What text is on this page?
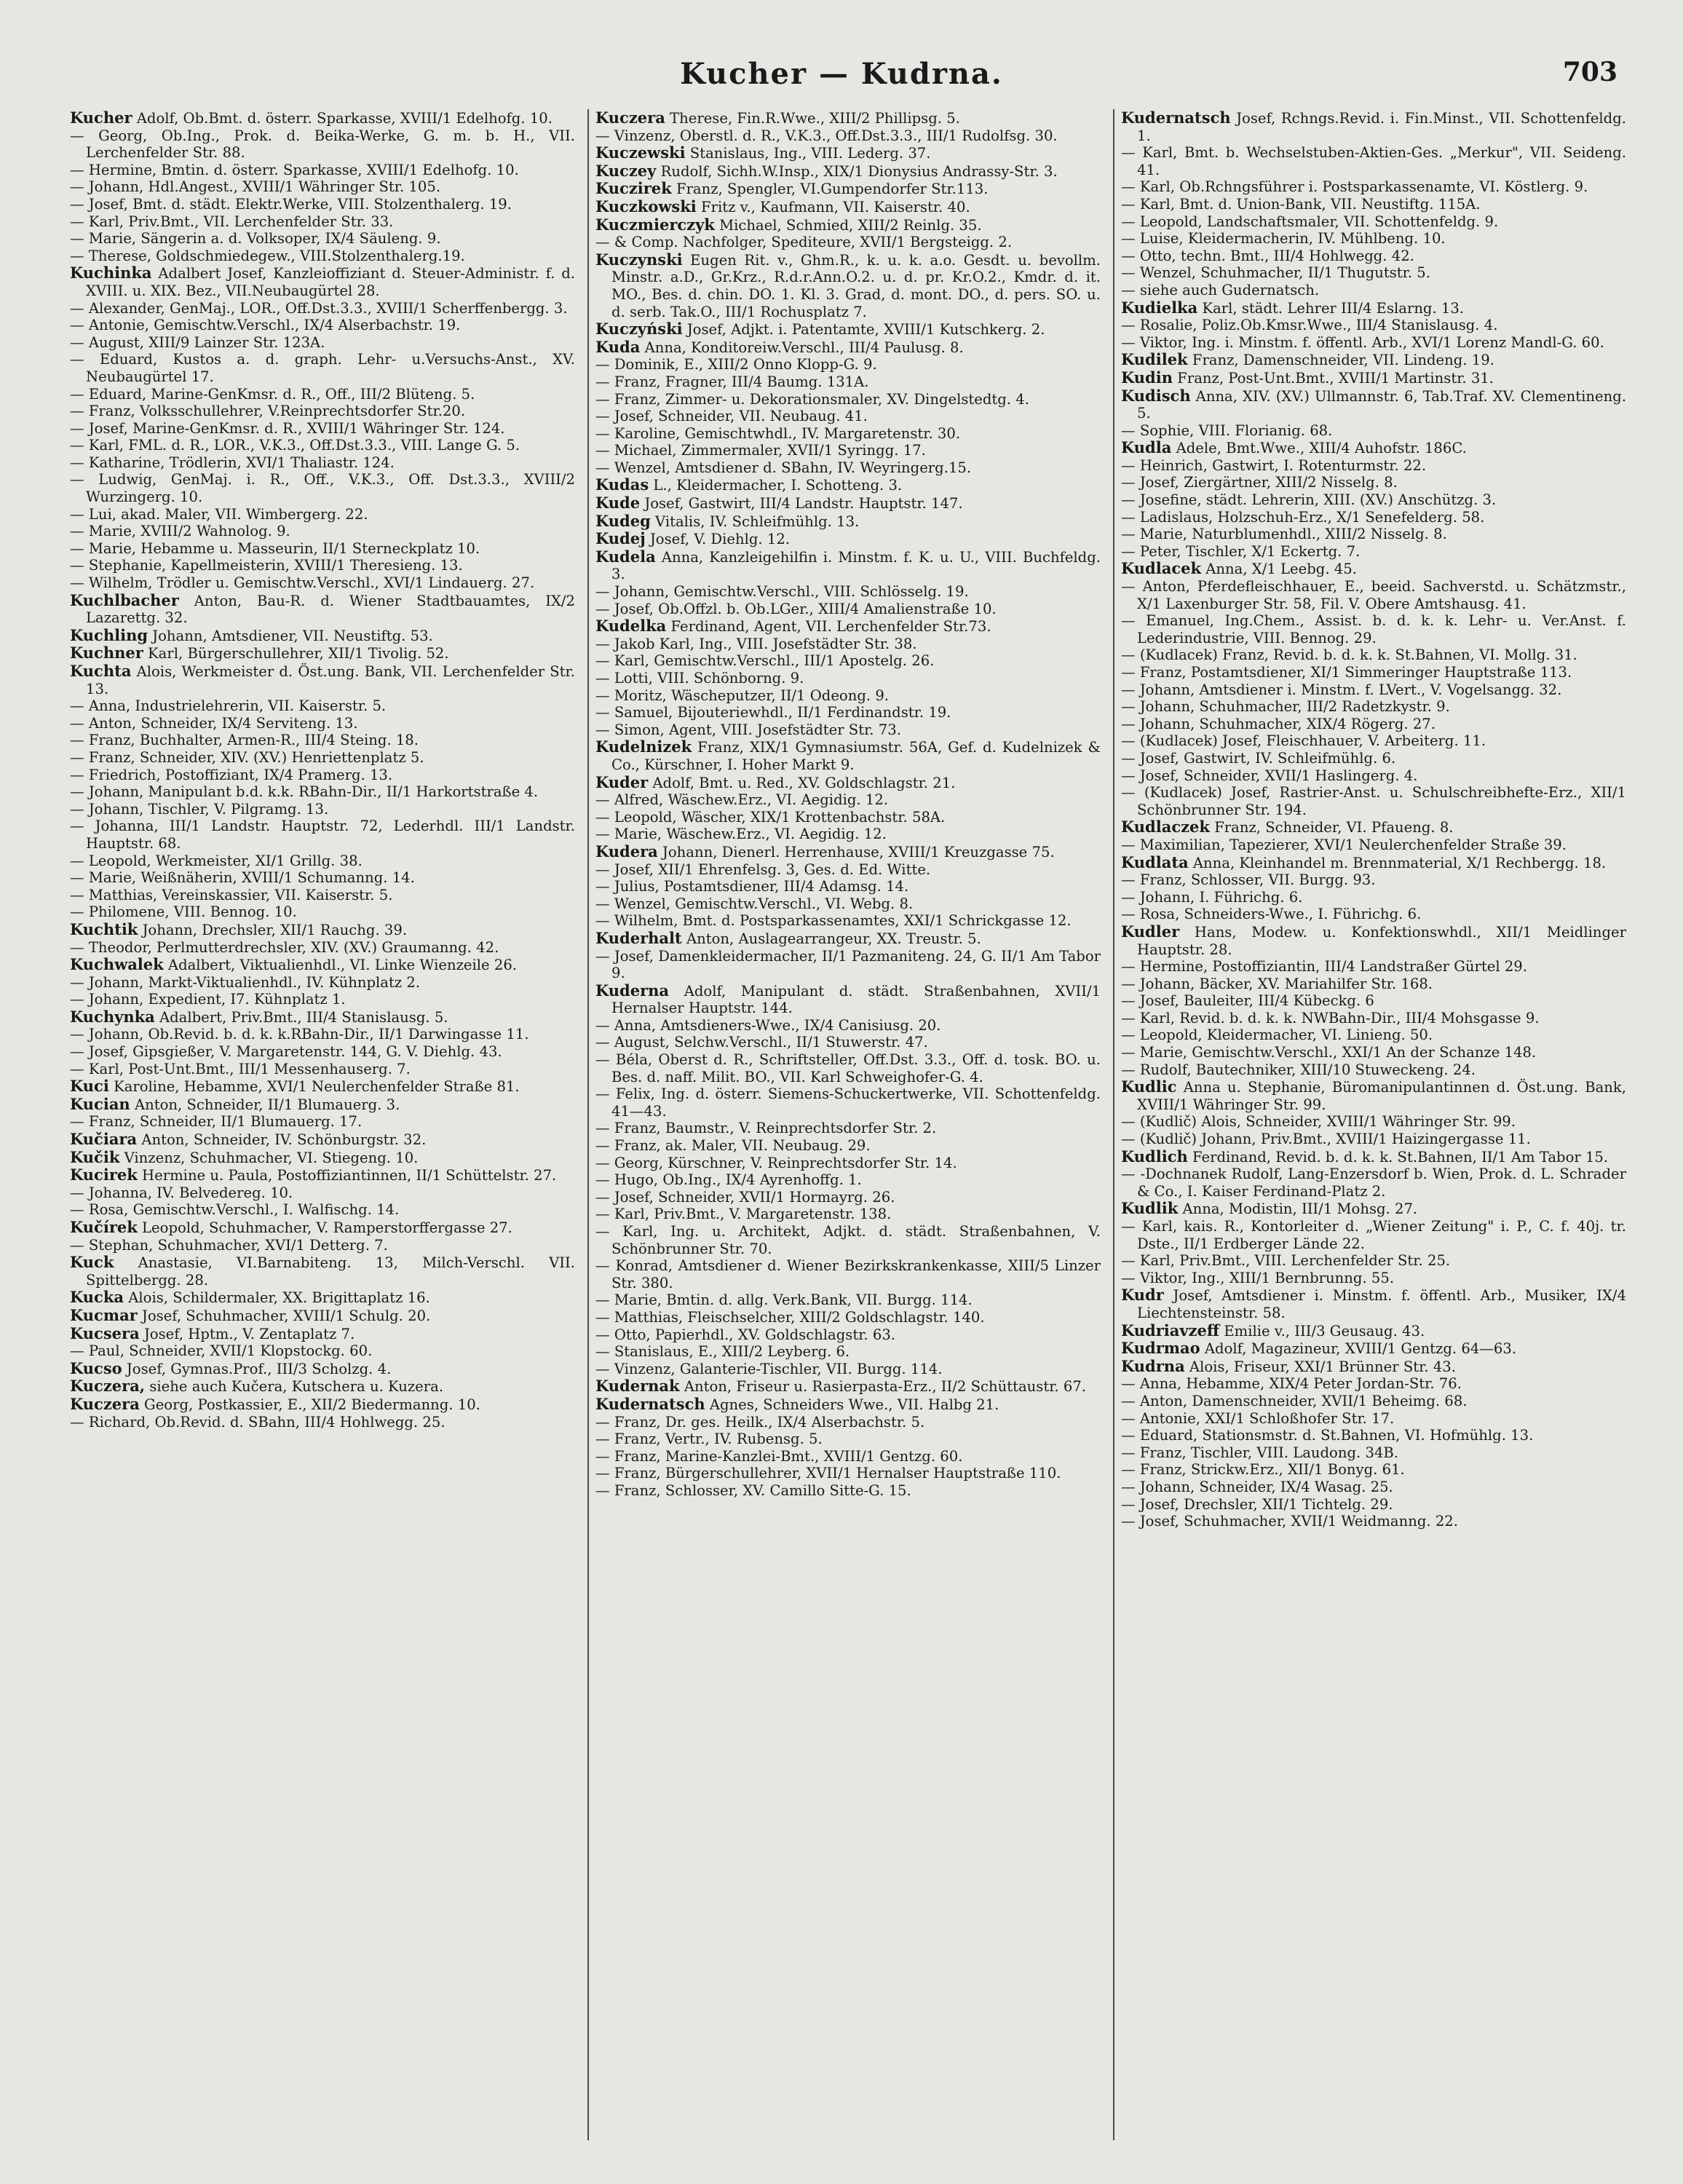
Kucher — Kudrna.	703

Kucher Adolf, Ob.Bmt. d. österr. Sparkasse, XVIII/1 Edelhofg. 10.

— Georg, Ob.Ing., Prok. d. Beika-Werke, G. m. b. H., VII. Lerchenfelder Str. 88.

— Hermine, Bmtin. d. österr. Sparkasse, XVIII/1 Edelhofg. 10.

— Johann, Hdl.Angest., XVIII/1 Währinger Str. 105.

— Josef, Bmt. d. städt. Elektr.Werke, VIII. Stolzenthalerg. 19.

— Karl, Priv.Bmt., VII. Lerchenfelder Str. 33.

— Marie, Sängerin a. d. Volksoper, IX/4 Säuleng. 9.

— Therese, Goldschmiedegew., VIII.Stolzenthalerg.19.

Kuchinka Adalbert Josef, Kanzleioffiziant d. Steuer-Administr. f. d. XVIII. u. XIX. Bez., VII.Neubaugürtel 28.

— Alexander, GenMaj., LOR., Off.Dst.3.3., XVIII/1 Scherffenbergg. 3.

— Antonie, Gemischtw.Verschl., IX/4 Alserbachstr. 19.

— August, XIII/9 Lainzer Str. 123A.

— Eduard, Kustos a. d. graph. Lehr- u.Versuchs-Anst., XV. Neubaugürtel 17.

— Eduard, Marine-GenKmsr. d. R., Off., III/2 Blüteng. 5.

— Franz, Volksschullehrer, V.Reinprechtsdorfer Str.20.

— Josef, Marine-GenKmsr. d. R., XVIII/1 Währinger Str. 124.

— Karl, FML. d. R., LOR., V.K.3., Off.Dst.3.3., VIII. Lange G. 5.

— Katharine, Trödlerin, XVI/1 Thaliastr. 124.

— Ludwig, GenMaj. i. R., Off., V.K.3., Off. Dst.3.3., XVIII/2 Wurzingerg. 10.

— Lui, akad. Maler, VII. Wimbergerg. 22.

— Marie, XVIII/2 Wahnolog. 9.

— Marie, Hebamme u. Masseurin, II/1 Sterneckplatz 10.

— Stephanie, Kapellmeisterin, XVIII/1 Theresieng. 13.

— Wilhelm, Trödler u. Gemischtw.Verschl., XVI/1 Lindauerg. 27.

Kuchlbacher Anton, Bau-R. d. Wiener Stadtbauamtes, IX/2 Lazarettg. 32.

Kuchling Johann, Amtsdiener, VII. Neustiftg. 53.

Kuchner Karl, Bürgerschullehrer, XII/1 Tivolig. 52.

Kuchta Alois, Werkmeister d. Öst.ung. Bank, VII. Lerchenfelder Str. 13.

— Anna, Industrielehrerin, VII. Kaiserstr. 5.

— Anton, Schneider, IX/4 Serviteng. 13.

— Franz, Buchhalter, Armen-R., III/4 Steing. 18.

— Franz, Schneider, XIV. (XV.) Henriettenplatz 5.

— Friedrich, Postoffiziant, IX/4 Pramerg. 13.

— Johann, Manipulant b.d. k.k. RBahn-Dir., II/1 Harkortstraße 4.

— Johann, Tischler, V. Pilgramg. 13.

— Johanna, III/1 Landstr. Hauptstr. 72, Lederhdl. III/1 Landstr. Hauptstr. 68.

— Leopold, Werkmeister, XI/1 Grillg. 38.

— Marie, Weißnäherin, XVIII/1 Schumanng. 14.

— Matthias, Vereinskassier, VII. Kaiserstr. 5.

— Philomene, VIII. Bennog. 10.

Kuchtik Johann, Drechsler, XII/1 Rauchg. 39.

— Theodor, Perlmutterdrechsler, XIV. (XV.) Graumanng. 42.

Kuchwalek Adalbert, Viktualienhdl., VI. Linke Wienzeile 26.

— Johann, Markt-Viktualienhdl., IV. Kühnplatz 2.

— Johann, Expedient, I7. Kühnplatz 1.

Kuchynka Adalbert, Priv.Bmt., III/4 Stanislausg. 5.

— Johann, Ob.Revid. b. d. k. k.RBahn-Dir., II/1 Darwingasse 11.

— Josef, Gipsgießer, V. Margaretenstr. 144, G. V. Diehlg. 43.

— Karl, Post-Unt.Bmt., III/1 Messenhauserg. 7.

Kuci Karoline, Hebamme, XVI/1 Neulerchenfelder Straße 81.

Kucian Anton, Schneider, II/1 Blumauerg. 3.

— Franz, Schneider, II/1 Blumauerg. 17.

Kučiara Anton, Schneider, IV. Schönburgstr. 32.

Kučik Vinzenz, Schuhmacher, VI. Stiegeng. 10.

Kucirek Hermine u. Paula, Postoffiziantinnen, II/1 Schüttelstr. 27.

— Johanna, IV. Belvedereg. 10.

— Rosa, Gemischtw.Verschl., I. Walfischg. 14.

Kučírek Leopold, Schuhmacher, V. Ramperstorffergasse 27.

— Stephan, Schuhmacher, XVI/1 Detterg. 7.

Kuck Anastasie, VI.Barnabiteng. 13, Milch-Verschl. VII. Spittelbergg. 28.

Kucka Alois, Schildermaler, XX. Brigittaplatz 16.

Kucmar Josef, Schuhmacher, XVIII/1 Schulg. 20.

Kucsera Josef, Hptm., V. Zentaplatz 7.

— Paul, Schneider, XVII/1 Klopstockg. 60.

Kucso Josef, Gymnas.Prof., III/3 Scholzg. 4.

Kuczera, siehe auch Kučera, Kutschera u. Kuzera.

Kuczera Georg, Postkassier, E., XII/2 Biedermanng. 10.

— Richard, Ob.Revid. d. SBahn, III/4 Hohlwegg. 25.

Kuczera Therese, Fin.R.Wwe., XIII/2 Phillipsg. 5.

— Vinzenz, Oberstl. d. R., V.K.3., Off.Dst.3.3., III/1 Rudolfsg. 30.

Kuczewski Stanislaus, Ing., VIII. Lederg. 37.

Kuczey Rudolf, Sichh.W.Insp., XIX/1 Dionysius Andrassy-Str. 3.

Kuczirek Franz, Spengler, VI.Gumpendorfer Str.113.

Kuczkowski Fritz v., Kaufmann, VII. Kaiserstr. 40.

Kuczmierczyk Michael, Schmied, XIII/2 Reinlg. 35.

— & Comp. Nachfolger, Spediteure, XVII/1 Bergsteigg. 2.

Kuczynski Eugen Rit. v., Ghm.R., k. u. k. a.o. Gesdt. u. bevollm. Minstr. a.D., Gr.Krz., R.d.r.Ann.O.2. u. d. pr. Kr.O.2., Kmdr. d. it. MO., Bes. d. chin. DO. 1. Kl. 3. Grad, d. mont. DO., d. pers. SO. u. d. serb. Tak.O., III/1 Rochusplatz 7.

Kuczyński Josef, Adjkt. i. Patentamte, XVIII/1 Kutschkerg. 2.

Kuda Anna, Konditoreiw.Verschl., III/4 Paulusg. 8.

— Dominik, E., XIII/2 Onno Klopp-G. 9.

— Franz, Fragner, III/4 Baumg. 131A.

— Franz, Zimmer- u. Dekorationsmaler, XV. Dingelstedtg. 4.

— Josef, Schneider, VII. Neubaug. 41.

— Karoline, Gemischtwhdl., IV. Margaretenstr. 30.

— Michael, Zimmermaler, XVII/1 Syringg. 17.

— Wenzel, Amtsdiener d. SBahn, IV. Weyringerg.15.

Kudas L., Kleidermacher, I. Schotteng. 3.

Kude Josef, Gastwirt, III/4 Landstr. Hauptstr. 147.

Kudeg Vitalis, IV. Schleifmühlg. 13.

Kudej Josef, V. Diehlg. 12.

Kudela Anna, Kanzleigehilfin i. Minstm. f. K. u. U., VIII. Buchfeldg. 3.

— Johann, Gemischtw.Verschl., VIII. Schlösselg. 19.

— Josef, Ob.Offzl. b. Ob.LGer., XIII/4 Amalienstraße 10.

Kudelka Ferdinand, Agent, VII. Lerchenfelder Str.73.

— Jakob Karl, Ing., VIII. Josefstädter Str. 38.

— Karl, Gemischtw.Verschl., III/1 Apostelg. 26.

— Lotti, VIII. Schönborng. 9.

— Moritz, Wäscheputzer, II/1 Odeong. 9.

— Samuel, Bijouteriewhdl., II/1 Ferdinandstr. 19.

— Simon, Agent, VIII. Josefstädter Str. 73.

Kudelnizek Franz, XIX/1 Gymnasiumstr. 56A, Gef. d. Kudelnizek & Co., Kürschner, I. Hoher Markt 9.

Kuder Adolf, Bmt. u. Red., XV. Goldschlagstr. 21.

— Alfred, Wäschew.Erz., VI. Aegidig. 12.

— Leopold, Wäscher, XIX/1 Krottenbachstr. 58A.

— Marie, Wäschew.Erz., VI. Aegidig. 12.

Kudera Johann, Dienerl. Herrenhause, XVIII/1 Kreuzgasse 75.

— Josef, XII/1 Ehrenfelsg. 3, Ges. d. Ed. Witte.

— Julius, Postamtsdiener, III/4 Adamsg. 14.

— Wenzel, Gemischtw.Verschl., VI. Webg. 8.

— Wilhelm, Bmt. d. Postsparkassenamtes, XXI/1 Schrickgasse 12.

Kuderhalt Anton, Auslagearrangeur, XX. Treustr. 5.

— Josef, Damenkleidermacher, II/1 Pazmaniteng. 24, G. II/1 Am Tabor 9.

Kuderna Adolf, Manipulant d. städt. Straßenbahnen, XVII/1 Hernalser Hauptstr. 144.

— Anna, Amtsdieners-Wwe., IX/4 Canisiusg. 20.

— August, Selchw.Verschl., II/1 Stuwerstr. 47.

— Béla, Oberst d. R., Schriftsteller, Off.Dst. 3.3., Off. d. tosk. BO. u. Bes. d. naff. Milit. BO., VII. Karl Schweighofer-G. 4.

— Felix, Ing. d. österr. Siemens-Schuckertwerke, VII. Schottenfeldg. 41—43.

— Franz, Baumstr., V. Reinprechtsdorfer Str. 2.

— Franz, ak. Maler, VII. Neubaug. 29.

— Georg, Kürschner, V. Reinprechtsdorfer Str. 14.

— Hugo, Ob.Ing., IX/4 Ayrenhoffg. 1.

— Josef, Schneider, XVII/1 Hormayrg. 26.

— Karl, Priv.Bmt., V. Margaretenstr. 138.

— Karl, Ing. u. Architekt, Adjkt. d. städt. Straßenbahnen, V. Schönbrunner Str. 70.

— Konrad, Amtsdiener d. Wiener Bezirkskrankenkasse, XIII/5 Linzer Str. 380.

— Marie, Bmtin. d. allg. Verk.Bank, VII. Burgg. 114.

— Matthias, Fleischselcher, XIII/2 Goldschlagstr. 140.

— Otto, Papierhdl., XV. Goldschlagstr. 63.

— Stanislaus, E., XIII/2 Leyberg. 6.

— Vinzenz, Galanterie-Tischler, VII. Burgg. 114.

Kudernak Anton, Friseur u. Rasierpasta-Erz., II/2 Schüttaustr. 67.

Kudernatsch Agnes, Schneiders Wwe., VII. Halbg 21.

— Franz, Dr. ges. Heilk., IX/4 Alserbachstr. 5.

— Franz, Vertr., IV. Rubensg. 5.

— Franz, Marine-Kanzlei-Bmt., XVIII/1 Gentzg. 60.

— Franz, Bürgerschullehrer, XVII/1 Hernalser Hauptstraße 110.

— Franz, Schlosser, XV. Camillo Sitte-G. 15.

Kudernatsch Josef, Rchngs.Revid. i. Fin.Minst., VII. Schottenfeldg. 1.

— Karl, Bmt. b. Wechselstuben-Aktien-Ges. „Merkur", VII. Seideng. 41.

— Karl, Ob.Rchngsführer i. Postsparkassenamte, VI. Köstlerg. 9.

— Karl, Bmt. d. Union-Bank, VII. Neustiftg. 115A.

— Leopold, Landschaftsmaler, VII. Schottenfeldg. 9.

— Luise, Kleidermacherin, IV. Mühlbeng. 10.

— Otto, techn. Bmt., III/4 Hohlwegg. 42.

— Wenzel, Schuhmacher, II/1 Thugutstr. 5.

— siehe auch Gudernatsch.

Kudielka Karl, städt. Lehrer III/4 Eslarng. 13.

— Rosalie, Poliz.Ob.Kmsr.Wwe., III/4 Stanislausg. 4.

— Viktor, Ing. i. Minstm. f. öffentl. Arb., XVI/1 Lorenz Mandl-G. 60.

Kudilek Franz, Damenschneider, VII. Lindeng. 19.

Kudin Franz, Post-Unt.Bmt., XVIII/1 Martinstr. 31.

Kudisch Anna, XIV. (XV.) Ullmannstr. 6, Tab.Traf. XV. Clementineng. 5.

— Sophie, VIII. Florianig. 68.

Kudla Adele, Bmt.Wwe., XIII/4 Auhofstr. 186C.

— Heinrich, Gastwirt, I. Rotenturmstr. 22.

— Josef, Ziergärtner, XIII/2 Nisselg. 8.

— Josefine, städt. Lehrerin, XIII. (XV.) Anschützg. 3.

— Ladislaus, Holzschuh-Erz., X/1 Senefelderg. 58.

— Marie, Naturblumenhdl., XIII/2 Nisselg. 8.

— Peter, Tischler, X/1 Eckertg. 7.

Kudlacek Anna, X/1 Leebg. 45.

— Anton, Pferdefleischhauer, E., beeid. Sachverstd. u. Schätzmstr., X/1 Laxenburger Str. 58, Fil. V. Obere Amtshausg. 41.

— Emanuel, Ing.Chem., Assist. b. d. k. k. Lehr- u. Ver.Anst. f. Lederindustrie, VIII. Bennog. 29.

— (Kudlacek) Franz, Revid. b. d. k. k. St.Bahnen, VI. Mollg. 31.

— Franz, Postamtsdiener, XI/1 Simmeringer Hauptstraße 113.

— Johann, Amtsdiener i. Minstm. f. LVert., V. Vogelsangg. 32.

— Johann, Schuhmacher, III/2 Radetzkystr. 9.

— Johann, Schuhmacher, XIX/4 Rögerg. 27.

— (Kudlacek) Josef, Fleischhauer, V. Arbeiterg. 11.

— Josef, Gastwirt, IV. Schleifmühlg. 6.

— Josef, Schneider, XVII/1 Haslingerg. 4.

— (Kudlacek) Josef, Rastrier-Anst. u. Schulschreibhefte-Erz., XII/1 Schönbrunner Str. 194.

Kudlaczek Franz, Schneider, VI. Pfaueng. 8.

— Maximilian, Tapezierer, XVI/1 Neulerchenfelder Straße 39.

Kudlata Anna, Kleinhandel m. Brennmaterial, X/1 Rechbergg. 18.

— Franz, Schlosser, VII. Burgg. 93.

— Johann, I. Führichg. 6.

— Rosa, Schneiders-Wwe., I. Führichg. 6.

Kudler Hans, Modew. u. Konfektionswhdl., XII/1 Meidlinger Hauptstr. 28.

— Hermine, Postoffiziantin, III/4 Landstraßer Gürtel 29.

— Johann, Bäcker, XV. Mariahilfer Str. 168.

— Josef, Bauleiter, III/4 Kübeckg. 6

— Karl, Revid. b. d. k. k. NWBahn-Dir., III/4 Mohsgasse 9.

— Leopold, Kleidermacher, VI. Linieng. 50.

— Marie, Gemischtw.Verschl., XXI/1 An der Schanze 148.

— Rudolf, Bautechniker, XIII/10 Stuweckeng. 24.

Kudlic Anna u. Stephanie, Büromanipulantinnen d. Öst.ung. Bank, XVIII/1 Währinger Str. 99.

— (Kudlič) Alois, Schneider, XVIII/1 Währinger Str. 99.

— (Kudlič) Johann, Priv.Bmt., XVIII/1 Haizingergasse 11.

Kudlich Ferdinand, Revid. b. d. k. k. St.Bahnen, II/1 Am Tabor 15.

— -Dochnanek Rudolf, Lang-Enzersdorf b. Wien, Prok. d. L. Schrader & Co., I. Kaiser Ferdinand-Platz 2.

Kudlik Anna, Modistin, III/1 Mohsg. 27.

— Karl, kais. R., Kontorleiter d. „Wiener Zeitung" i. P., C. f. 40j. tr. Dste., II/1 Erdberger Lände 22.

— Karl, Priv.Bmt., VIII. Lerchenfelder Str. 25.

— Viktor, Ing., XIII/1 Bernbrunng. 55.

Kudr Josef, Amtsdiener i. Minstm. f. öffentl. Arb., Musiker, IX/4 Liechtensteinstr. 58.

Kudriavzeff Emilie v., III/3 Geusaug. 43.

Kudrmao Adolf, Magazineur, XVIII/1 Gentzg. 64—63.

Kudrna Alois, Friseur, XXI/1 Brünner Str. 43.

— Anna, Hebamme, XIX/4 Peter Jordan-Str. 76.

— Anton, Damenschneider, XVII/1 Beheimg. 68.

— Antonie, XXI/1 Schloßhofer Str. 17.

— Eduard, Stationsmstr. d. St.Bahnen, VI. Hofmühlg. 13.

— Franz, Tischler, VIII. Laudong. 34B.

— Franz, Strickw.Erz., XII/1 Bonyg. 61.

— Johann, Schneider, IX/4 Wasag. 25.

— Josef, Drechsler, XII/1 Tichtelg. 29.

— Josef, Schuhmacher, XVII/1 Weidmanng. 22.
